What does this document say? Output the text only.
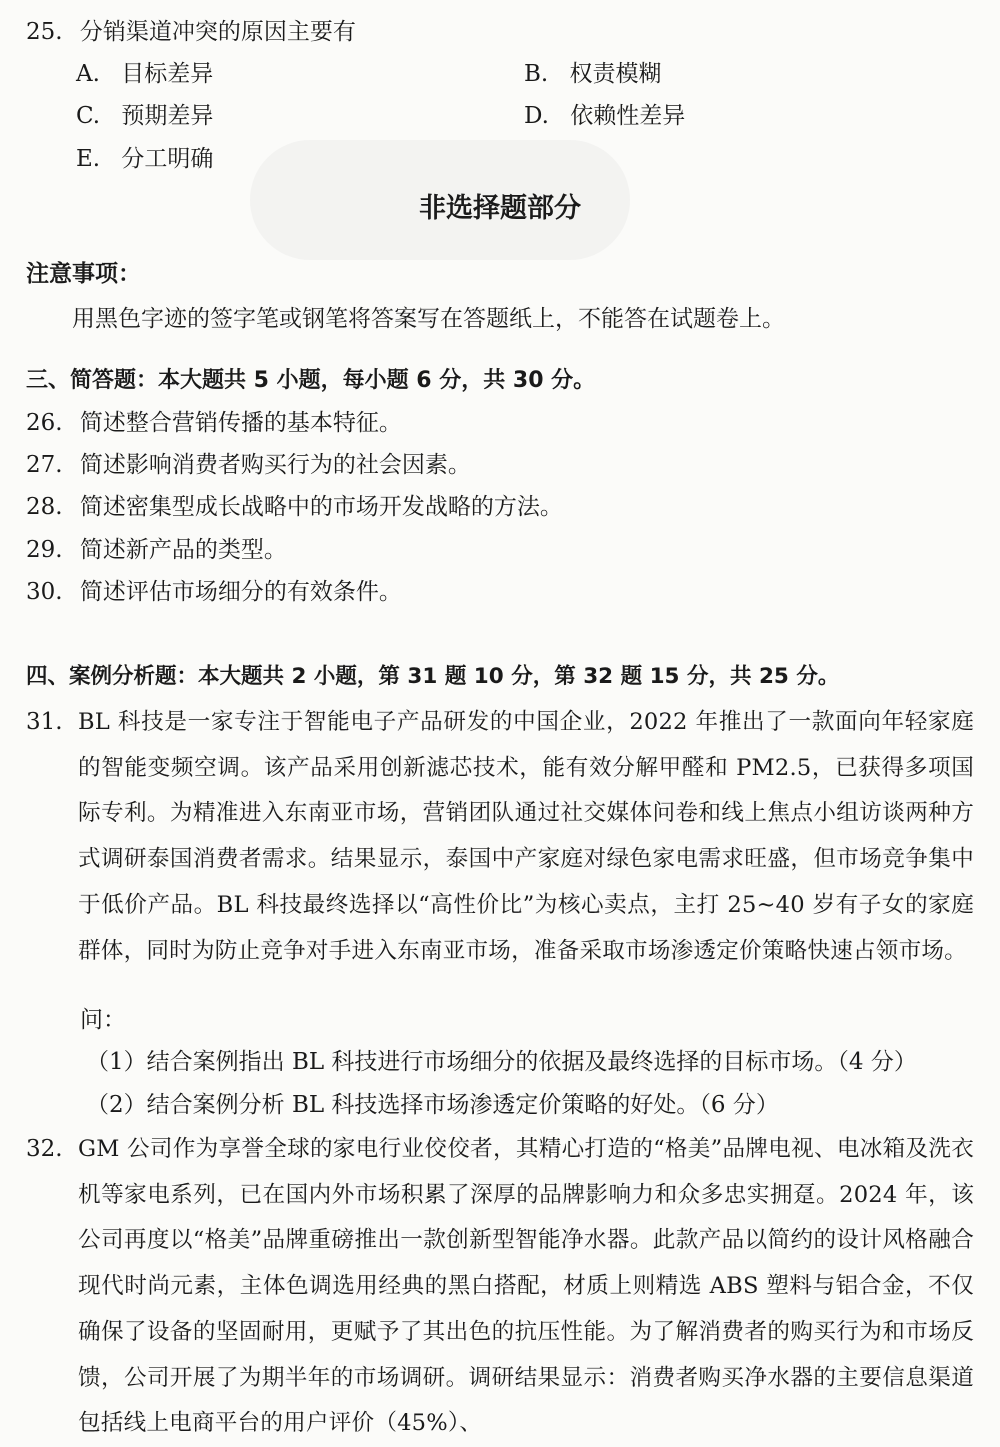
25. 分销渠道冲突的原因主要有
A. 目标差异	B. 权责模糊
C. 预期差异	D. 依赖性差异
E. 分工明确
非选择题部分
注意事项：
用黑色字迹的签字笔或钢笔将答案写在答题纸上，不能答在试题卷上。
三、简答题：本大题共 5 小题，每小题 6 分，共 30 分。
26. 简述整合营销传播的基本特征。
27. 简述影响消费者购买行为的社会因素。
28. 简述密集型成长战略中的市场开发战略的方法。
29. 简述新产品的类型。
30. 简述评估市场细分的有效条件。
四、案例分析题：本大题共 2 小题，第 31 题 10 分，第 32 题 15 分，共 25 分。
31. BL 科技是一家专注于智能电子产品研发的中国企业，2022 年推出了一款面向年轻家庭的智能变频空调。该产品采用创新滤芯技术，能有效分解甲醛和 PM2.5，已获得多项国际专利。为精准进入东南亚市场，营销团队通过社交媒体问卷和线上焦点小组访谈两种方式调研泰国消费者需求。结果显示，泰国中产家庭对绿色家电需求旺盛，但市场竞争集中于低价产品。BL 科技最终选择以“高性价比”为核心卖点，主打 25~40 岁有子女的家庭群体，同时为防止竞争对手进入东南亚市场，准备采取市场渗透定价策略快速占领市场。
问：
（1）结合案例指出 BL 科技进行市场细分的依据及最终选择的目标市场。（4 分）
（2）结合案例分析 BL 科技选择市场渗透定价策略的好处。（6 分）
32. GM 公司作为享誉全球的家电行业佼佼者，其精心打造的“格美”品牌电视、电冰箱及洗衣机等家电系列，已在国内外市场积累了深厚的品牌影响力和众多忠实拥趸。2024 年，该公司再度以“格美”品牌重磅推出一款创新型智能净水器。此款产品以简约的设计风格融合现代时尚元素，主体色调选用经典的黑白搭配，材质上则精选 ABS 塑料与铝合金，不仅确保了设备的坚固耐用，更赋予了其出色的抗压性能。为了解消费者的购买行为和市场反馈，公司开展了为期半年的市场调研。调研结果显示：消费者购买净水器的主要信息渠道包括线上电商平台的用户评价（45%）、
